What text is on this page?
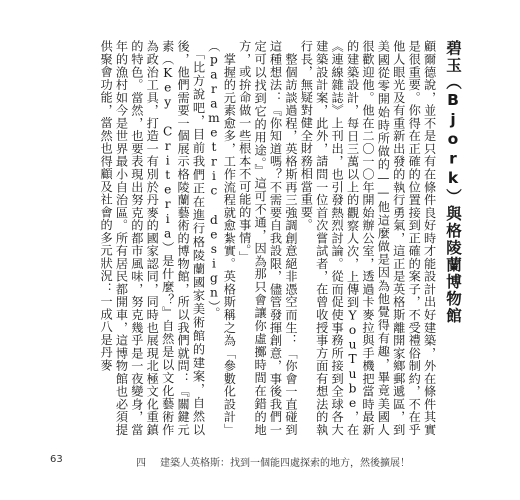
碧玉（Bjork）與格陵蘭博物館
顧爾德說，並不是只有在條件良好時才能設計出好建築，外在條件其實是很重要。你得在正確的位置接到正確的案子，不受禮俗制約，不在乎他人眼光及有重新出發的執行勇氣，這正是英格斯離開家鄉郵遞區，到美國從零開始時所做的——他這麼做是因為他覺得有趣，畢竟美國人很歡迎他。他在二〇一〇年開始辦公室，透過卡麥拉與手機把當時最新的建築設計，每日三萬以上的觀察人次，上傳到YouTube，在《連線雜誌》上刊出，也引發熱烈討論。從而促使事務所接到全球各大建築設計案，此外，請問一位首次嘗試者，在曾收授事方面有想法的執行長，無疑對健全財務相當重要。
整個訪談過程，英格斯再三強調創意絕非憑空而生：「你會一直碰到這種想法：『你知道嗎？不需要自我設限，儘管發揮創意，事後我們一定可以找到它的用途。』這可不通，因為那只會讓你虛擲時間在錯的地方，或拚命做一些根本不可能的事情。」
掌握的元素愈多，工作流程就愈紮實。英格斯稱之為「參數化設計」（parametric design）。
「比方說吧，目前我們正在進行格陵蘭國家美術館的建案，自然以後，他們需要一個展示格陵蘭藝術的博物館，所以我們就問：『關鍵元素（Key Criteria）是什麼？』自然是以文化藝術作為政治工具，打造一有別於丹麥的國家認同，同時也展現北極文化重鎮的特色。當然，也要表現出努克的都市風味，努克幾乎是一夜變身，當年的漁村如今是世界最小自治區。所有居民都開車，這博物館也必須提供聚會功能，當然也得顧及社會的多元狀況：一成八是丹麥
63	四 建築人英格斯：找到一個能四處探索的地方，然後擴展！
